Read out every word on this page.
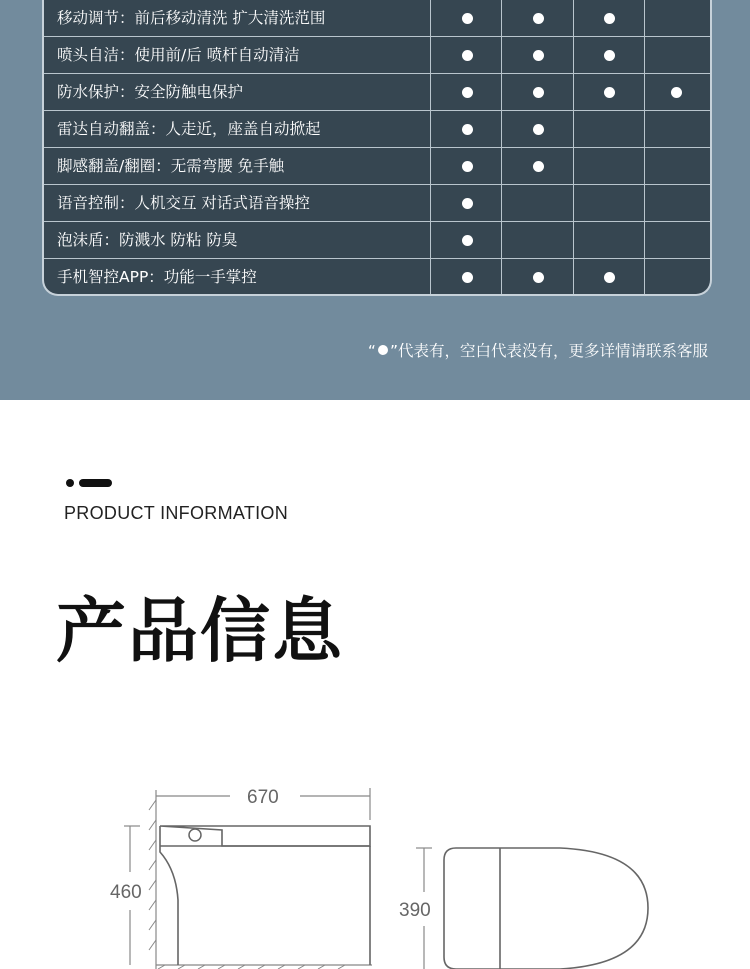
移动调节：前后移动清洗 扩大清洗范围
喷头自洁：使用前/后 喷杆自动清洁
防水保护：安全防触电保护
雷达自动翻盖：人走近，座盖自动掀起
脚感翻盖/翻圈：无需弯腰 免手触
语音控制：人机交互 对话式语音操控
泡沫盾：防溅水 防粘 防臭
手机智控APP：功能一手掌控
“ ”代表有，空白代表没有，更多详情请联系客服
PRODUCT INFORMATION
产品信息
670
460
390
